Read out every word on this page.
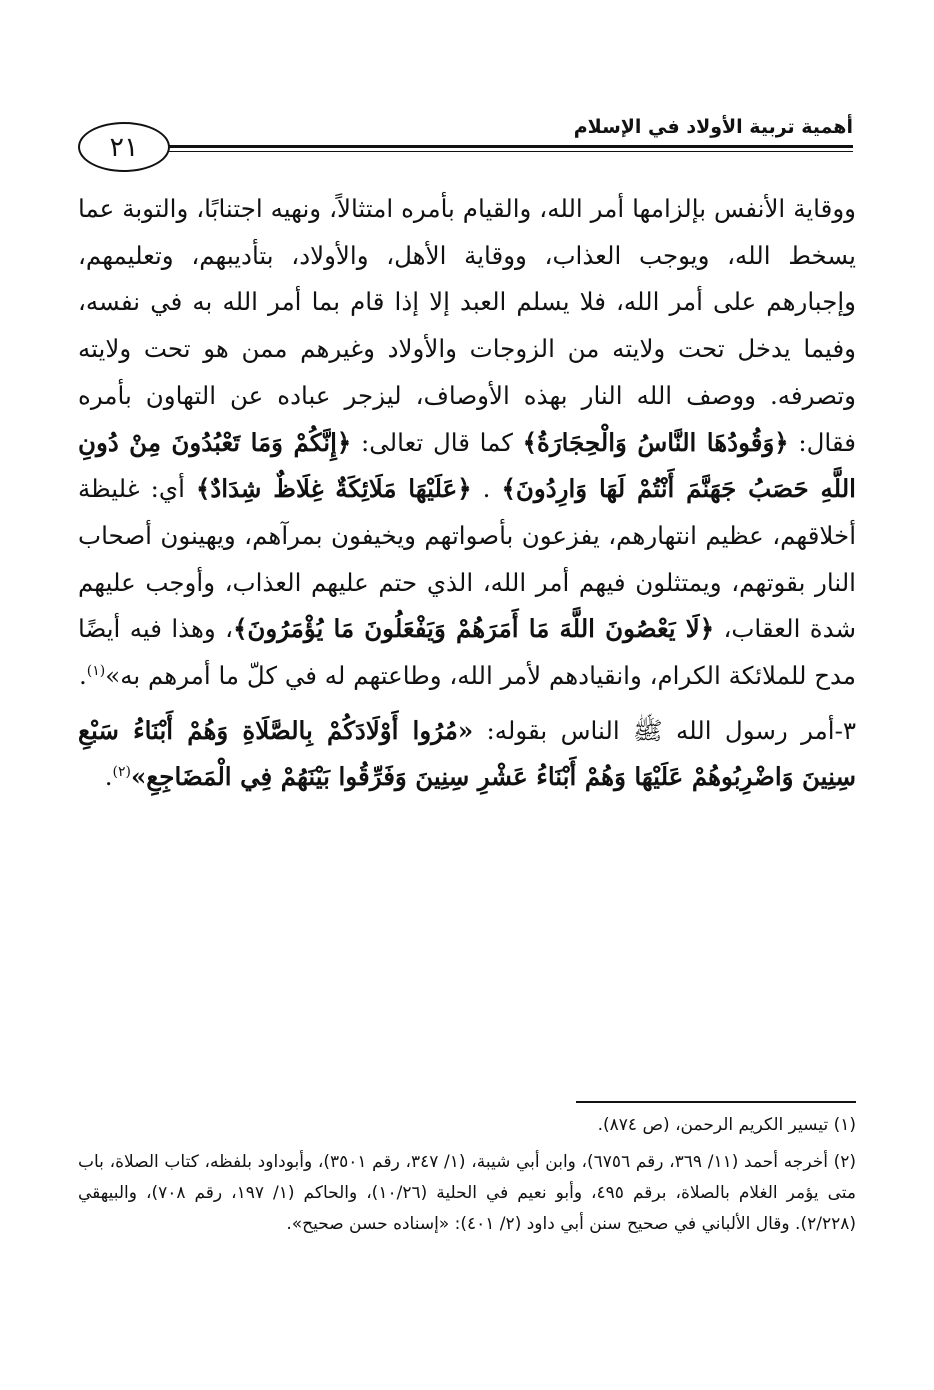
أهمية تربية الأولاد في الإسلام
٢١

ووقاية الأنفس بإلزامها أمر الله، والقيام بأمره امتثالاً، ونهيه اجتنابًا، والتوبة عما يسخط الله، ويوجب العذاب، ووقاية الأهل، والأولاد، بتأديبهم، وتعليمهم، وإجبارهم على أمر الله، فلا يسلم العبد إلا إذا قام بما أمر الله به في نفسه، وفيما يدخل تحت ولايته من الزوجات والأولاد وغيرهم ممن هو تحت ولايته وتصرفه. ووصف الله النار بهذه الأوصاف، ليزجر عباده عن التهاون بأمره فقال: ﴿وَقُودُهَا النَّاسُ وَالْحِجَارَةُ﴾ كما قال تعالى: ﴿إِنَّكُمْ وَمَا تَعْبُدُونَ مِنْ دُونِ اللَّهِ حَصَبُ جَهَنَّمَ أَنْتُمْ لَهَا وَارِدُونَ﴾ . ﴿عَلَيْهَا مَلَائِكَةٌ غِلَاظٌ شِدَادٌ﴾ أي: غليظة أخلاقهم، عظيم انتهارهم، يفزعون بأصواتهم ويخيفون بمرآهم، ويهينون أصحاب النار بقوتهم، ويمتثلون فيهم أمر الله، الذي حتم عليهم العذاب، وأوجب عليهم شدة العقاب، ﴿لَا يَعْصُونَ اللَّهَ مَا أَمَرَهُمْ وَيَفْعَلُونَ مَا يُؤْمَرُونَ﴾، وهذا فيه أيضًا مدح للملائكة الكرام، وانقيادهم لأمر الله، وطاعتهم له في كلّ ما أمرهم به»$^{(١)}$.

٣-أمر رسول الله ﷺ الناس بقوله: «مُرُوا أَوْلَادَكُمْ بِالصَّلَاةِ وَهُمْ أَبْنَاءُ سَبْعِ سِنِينَ وَاضْرِبُوهُمْ عَلَيْهَا وَهُمْ أَبْنَاءُ عَشْرِ سِنِينَ وَفَرِّقُوا بَيْنَهُمْ فِي الْمَضَاجِعِ»$^{(٢)}$.

(١) تيسير الكريم الرحمن، (ص ٨٧٤).

(٢) أخرجه أحمد (١١/ ٣٦٩، رقم ٦٧٥٦)، وابن أبي شيبة، (١/ ٣٤٧، رقم ٣٥٠١)، وأبوداود بلفظه، كتاب الصلاة، باب متى يؤمر الغلام بالصلاة، برقم ٤٩٥، وأبو نعيم في الحلية (١٠/٢٦)، والحاكم (١/ ١٩٧، رقم ٧٠٨)، والبيهقي (٢/٢٢٨). وقال الألباني في صحيح سنن أبي داود (٢/ ٤٠١): «إسناده حسن صحيح».
